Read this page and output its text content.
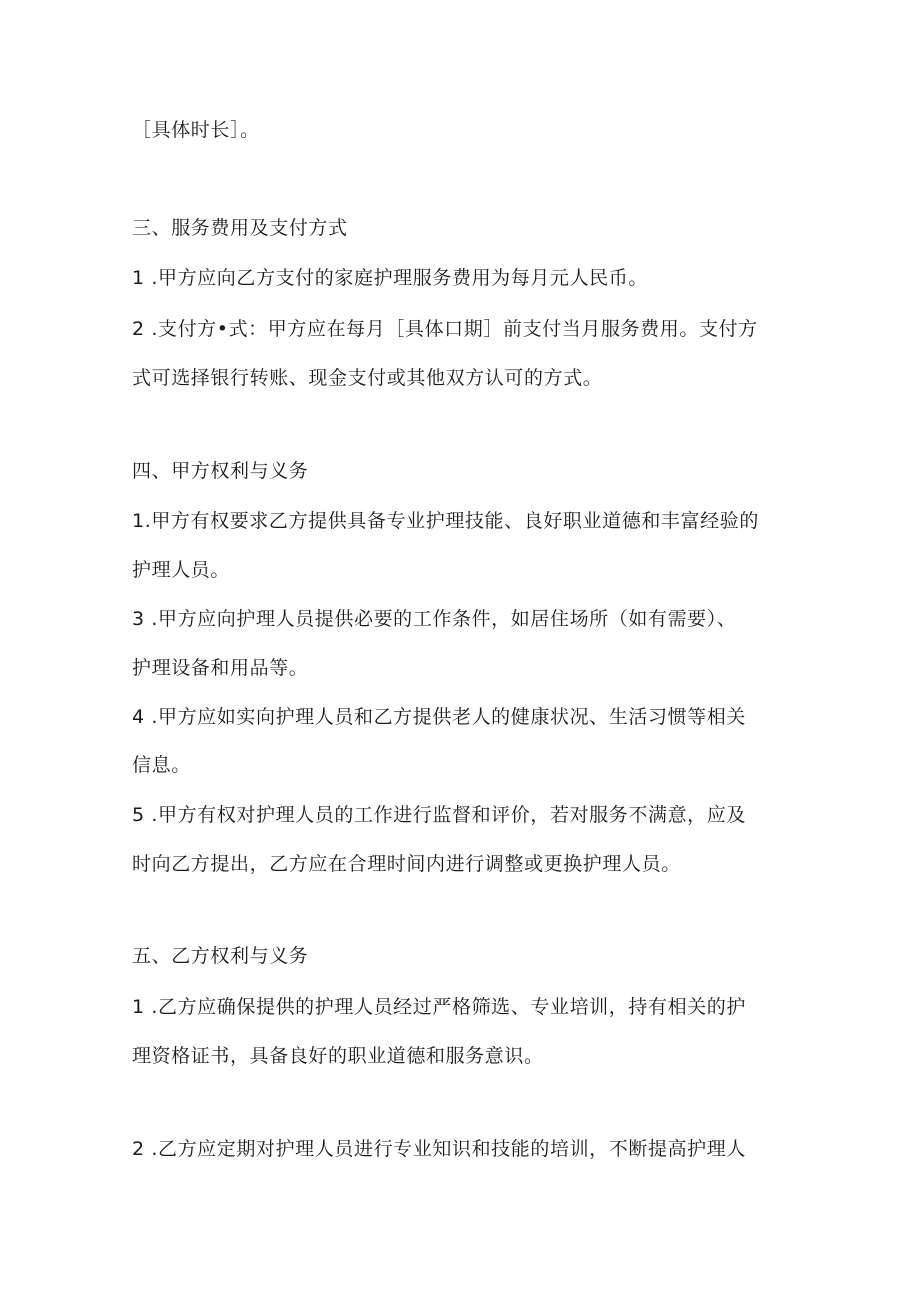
［具体时长］。

三、服务费用及支付方式

1 .甲方应向乙方支付的家庭护理服务费用为每月元人民币。

2 .支付方•式：甲方应在每月［具体口期］前支付当月服务费用。支付方

式可选择银行转账、现金支付或其他双方认可的方式。

四、甲方权利与义务

1.甲方有权要求乙方提供具备专业护理技能、良好职业道德和丰富经验的

护理人员。

3 .甲方应向护理人员提供必要的工作条件，如居住场所（如有需要）、

护理设备和用品等。

4 .甲方应如实向护理人员和乙方提供老人的健康状况、生活习惯等相关

信息。

5 .甲方有权对护理人员的工作进行监督和评价，若对服务不满意，应及

时向乙方提出，乙方应在合理时间内进行调整或更换护理人员。

五、乙方权利与义务

1 .乙方应确保提供的护理人员经过严格筛选、专业培训，持有相关的护

理资格证书，具备良好的职业道德和服务意识。

2 .乙方应定期对护理人员进行专业知识和技能的培训，不断提高护理人
